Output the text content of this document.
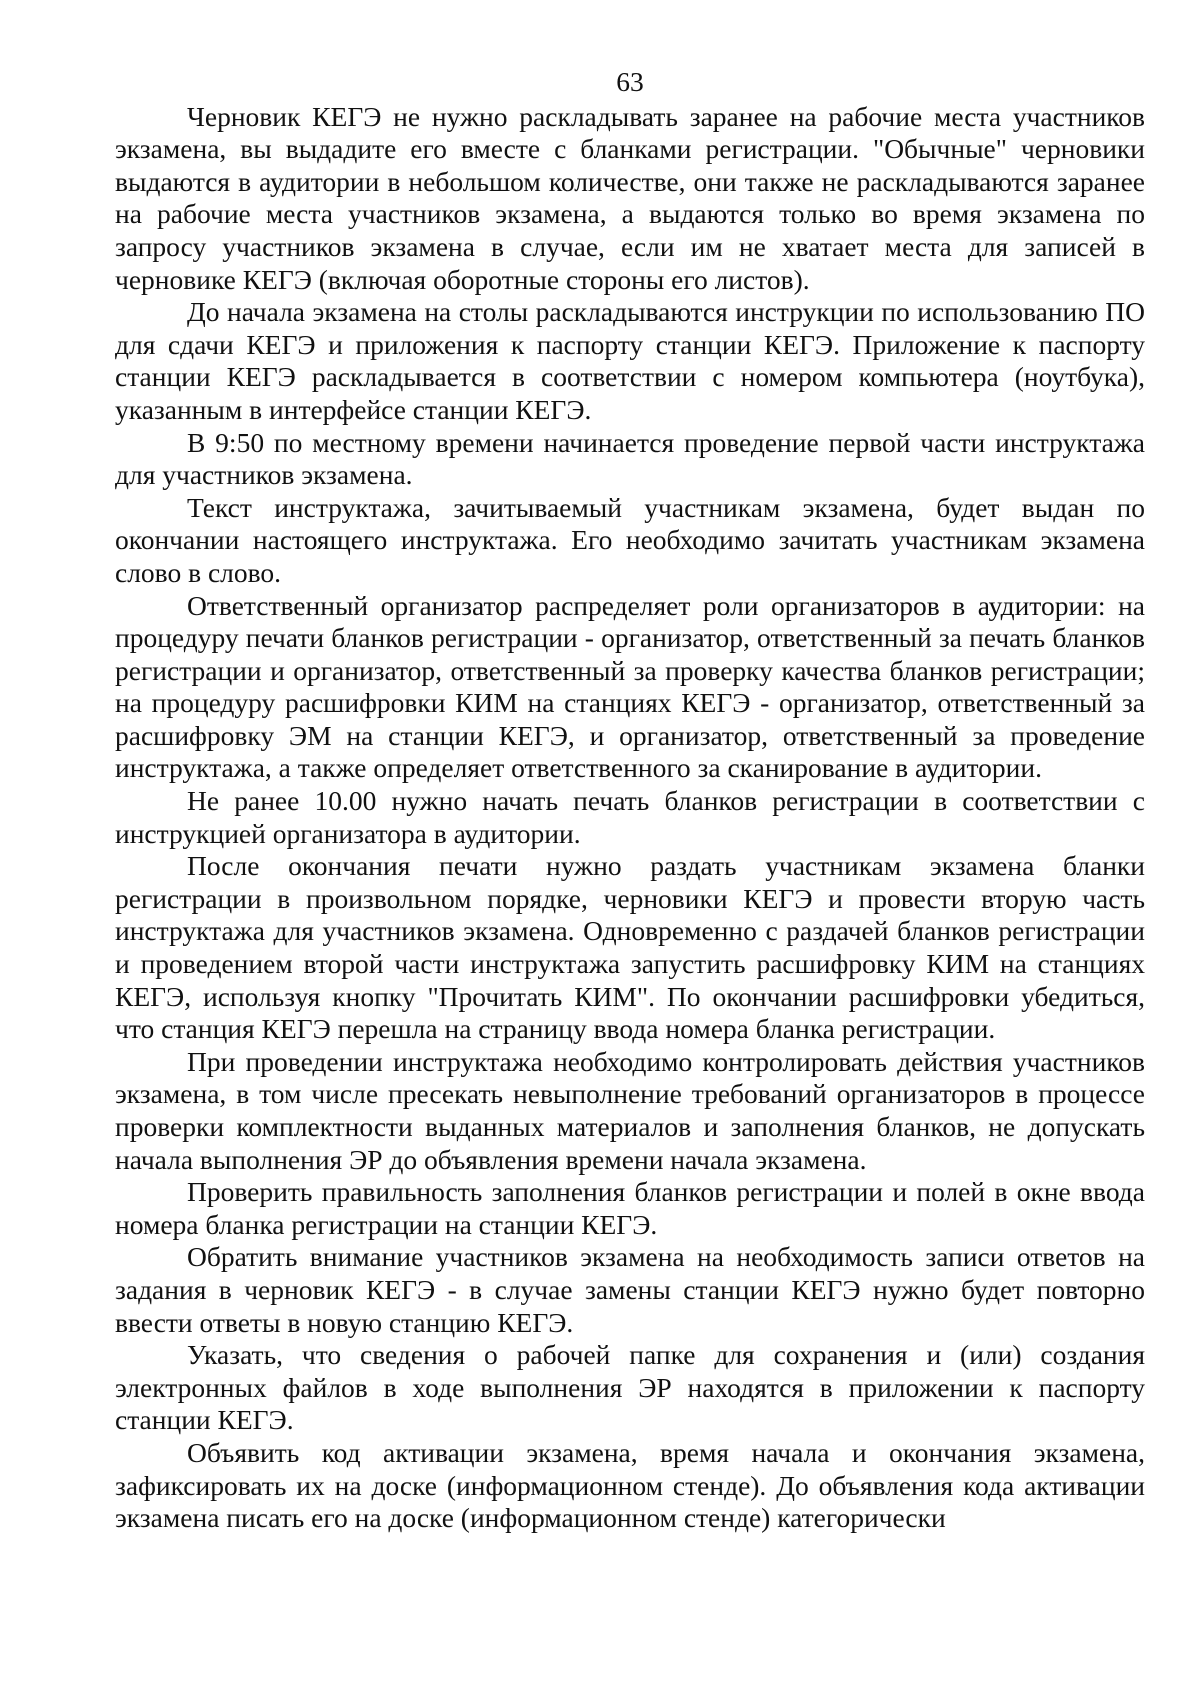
63

Черновик КЕГЭ не нужно раскладывать заранее на рабочие места участников экзамена, вы выдадите его вместе с бланками регистрации. "Обычные" черновики выдаются в аудитории в небольшом количестве, они также не раскладываются заранее на рабочие места участников экзамена, а выдаются только во время экзамена по запросу участников экзамена в случае, если им не хватает места для записей в черновике КЕГЭ (включая оборотные стороны его листов).

До начала экзамена на столы раскладываются инструкции по использованию ПО для сдачи КЕГЭ и приложения к паспорту станции КЕГЭ. Приложение к паспорту станции КЕГЭ раскладывается в соответствии с номером компьютера (ноутбука), указанным в интерфейсе станции КЕГЭ.

В 9:50 по местному времени начинается проведение первой части инструктажа для участников экзамена.

Текст инструктажа, зачитываемый участникам экзамена, будет выдан по окончании настоящего инструктажа. Его необходимо зачитать участникам экзамена слово в слово.

Ответственный организатор распределяет роли организаторов в аудитории: на процедуру печати бланков регистрации - организатор, ответственный за печать бланков регистрации и организатор, ответственный за проверку качества бланков регистрации; на процедуру расшифровки КИМ на станциях КЕГЭ - организатор, ответственный за расшифровку ЭМ на станции КЕГЭ, и организатор, ответственный за проведение инструктажа, а также определяет ответственного за сканирование в аудитории.

Не ранее 10.00 нужно начать печать бланков регистрации в соответствии с инструкцией организатора в аудитории.

После окончания печати нужно раздать участникам экзамена бланки регистрации в произвольном порядке, черновики КЕГЭ и провести вторую часть инструктажа для участников экзамена. Одновременно с раздачей бланков регистрации и проведением второй части инструктажа запустить расшифровку КИМ на станциях КЕГЭ, используя кнопку "Прочитать КИМ". По окончании расшифровки убедиться, что станция КЕГЭ перешла на страницу ввода номера бланка регистрации.

При проведении инструктажа необходимо контролировать действия участников экзамена, в том числе пресекать невыполнение требований организаторов в процессе проверки комплектности выданных материалов и заполнения бланков, не допускать начала выполнения ЭР до объявления времени начала экзамена.

Проверить правильность заполнения бланков регистрации и полей в окне ввода номера бланка регистрации на станции КЕГЭ.

Обратить внимание участников экзамена на необходимость записи ответов на задания в черновик КЕГЭ - в случае замены станции КЕГЭ нужно будет повторно ввести ответы в новую станцию КЕГЭ.

Указать, что сведения о рабочей папке для сохранения и (или) создания электронных файлов в ходе выполнения ЭР находятся в приложении к паспорту станции КЕГЭ.

Объявить код активации экзамена, время начала и окончания экзамена, зафиксировать их на доске (информационном стенде). До объявления кода активации экзамена писать его на доске (информационном стенде) категорически
